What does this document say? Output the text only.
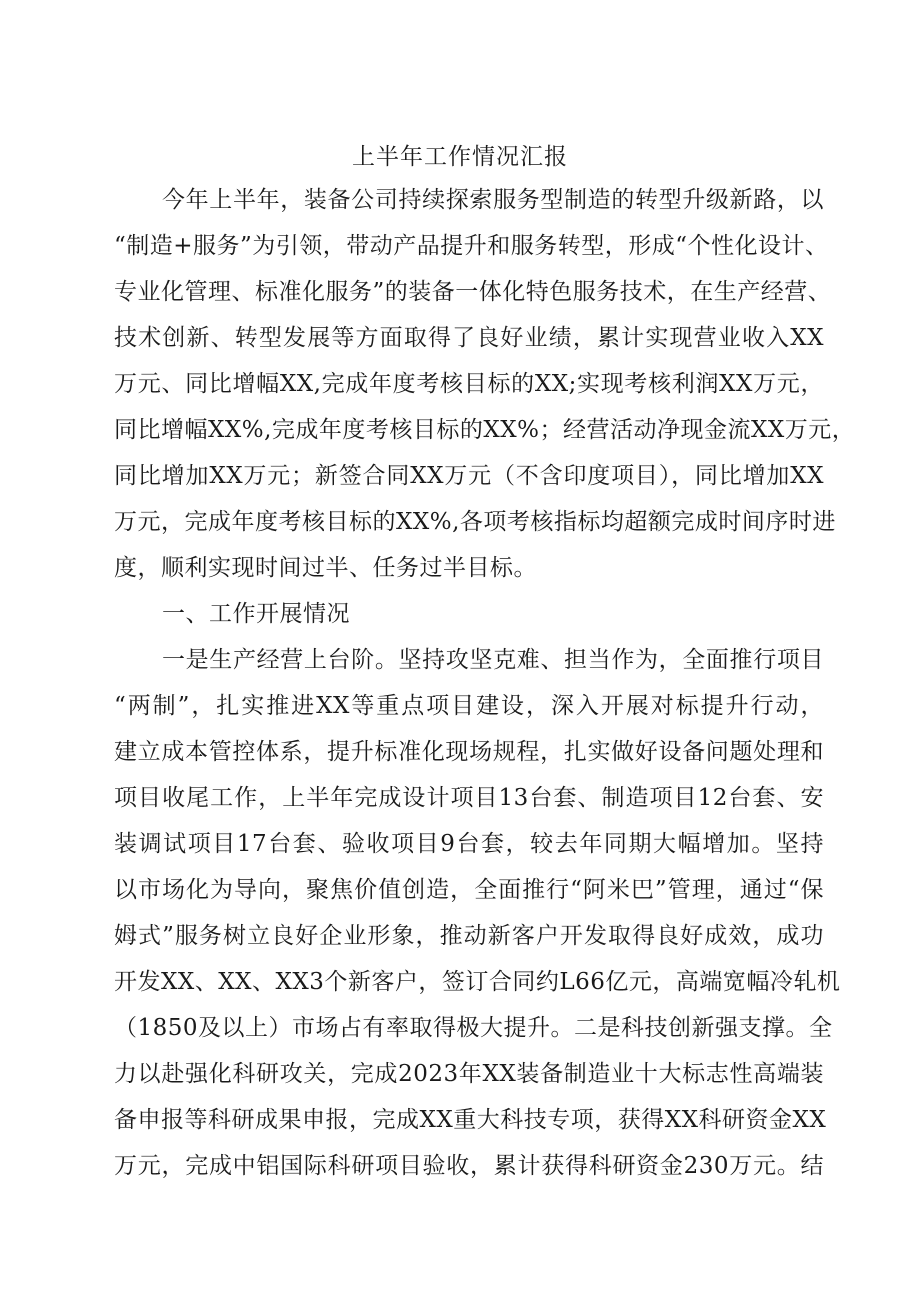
上半年工作情况汇报
今年上半年，装备公司持续探索服务型制造的转型升级新路，以
“制造+服务”为引领，带动产品提升和服务转型，形成“个性化设计、
专业化管理、标准化服务”的装备一体化特色服务技术，在生产经营、
技术创新、转型发展等方面取得了良好业绩，累计实现营业收入XX
万元、同比增幅XX,完成年度考核目标的XX;实现考核利润XX万元，
同比增幅XX%,完成年度考核目标的XX%；经营活动净现金流XX万元，
同比增加XX万元；新签合同XX万元（不含印度项目），同比增加XX
万元，完成年度考核目标的XX%,各项考核指标均超额完成时间序时进
度，顺利实现时间过半、任务过半目标。
一、工作开展情况
一是生产经营上台阶。坚持攻坚克难、担当作为，全面推行项目
“两制”，扎实推进XX等重点项目建设，深入开展对标提升行动，
建立成本管控体系，提升标准化现场规程，扎实做好设备问题处理和
项目收尾工作，上半年完成设计项目13台套、制造项目12台套、安
装调试项目17台套、验收项目9台套，较去年同期大幅增加。坚持
以市场化为导向，聚焦价值创造，全面推行“阿米巴”管理，通过“保
姆式”服务树立良好企业形象，推动新客户开发取得良好成效，成功
开发XX、XX、XX3个新客户，签订合同约L66亿元，高端宽幅冷轧机
（1850及以上）市场占有率取得极大提升。二是科技创新强支撑。全
力以赴强化科研攻关，完成2023年XX装备制造业十大标志性高端装
备申报等科研成果申报，完成XX重大科技专项，获得XX科研资金XX
万元，完成中铝国际科研项目验收，累计获得科研资金230万元。结
